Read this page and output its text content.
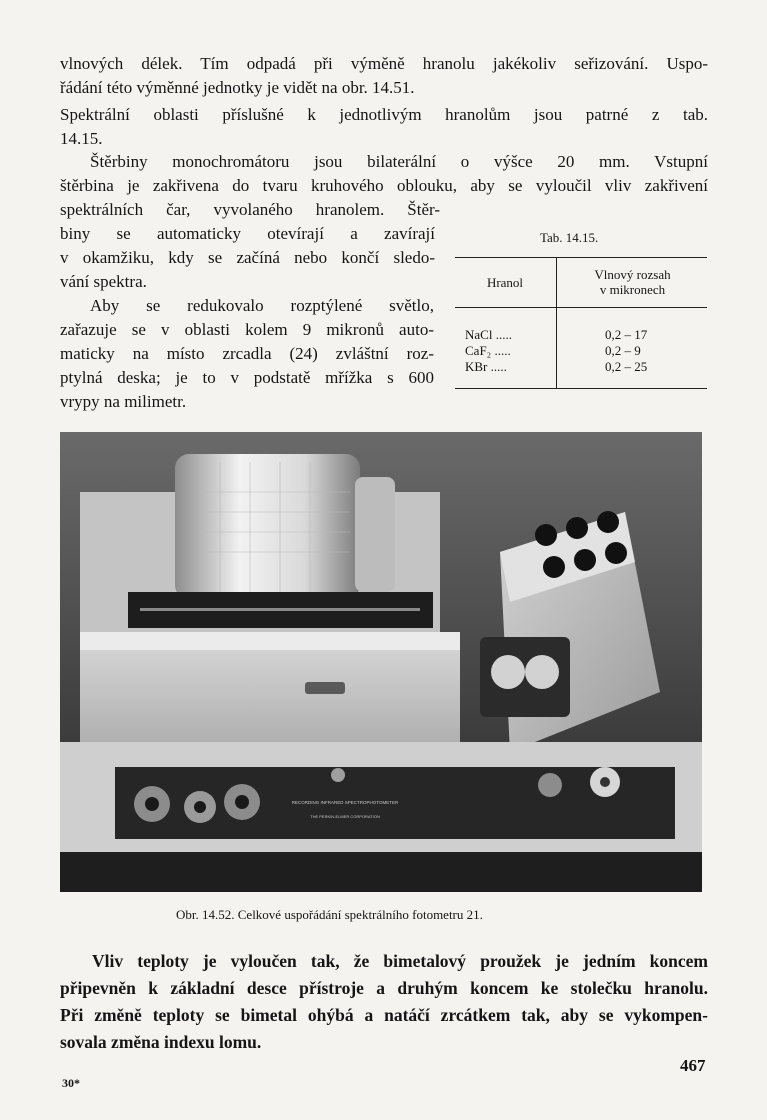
vlnových délek. Tím odpadá při výměně hranolu jakékoliv seřizování. Uspo-
řádání této výměnné jednotky je vidět na obr. 14.51.

Spektrální oblasti příslušné k jednotlivým hranolům jsou patrné z tab.
14.15.

Štěrbiny monochromátoru jsou bilaterální o výšce 20 mm. Vstupní
štěrbina je zakřivena do tvaru kruhového oblouku, aby se vyloučil vliv zakřivení
spektrálních čar, vyvolaného hranolem. Štěr-
biny se automaticky otevírají a zavírají
v okamžiku, kdy se začíná nebo končí sledo-
vání spektra.
Aby se redukovalo rozptýlené světlo,
zařazuje se v oblasti kolem 9 mikronů auto-
maticky na místo zrcadla (24) zvláštní roz-
ptylná deska; je to v podstatě mřížka s 600
vrypy na milimetr.
Tab. 14.15.
Hranol
Vlnový rozsah
v mikronech
NaCl .....	0,2 – 17
CaF₂ .....	0,2 – 9
KBr .....	0,2 – 25
RECORDING INFRARED SPECTROPHOTOMETER
THE PERKIN-ELMER CORPORATION
Obr. 14.52. Celkové uspořádání spektrálního fotometru 21.
Vliv teploty je vyloučen tak, že bimetalový proužek je jedním koncem
připevněn k základní desce přístroje a druhým koncem ke stolečku hranolu.
Při změně teploty se bimetal ohýbá a natáčí zrcátkem tak, aby se vykompen-
sovala změna indexu lomu.
30*
467
